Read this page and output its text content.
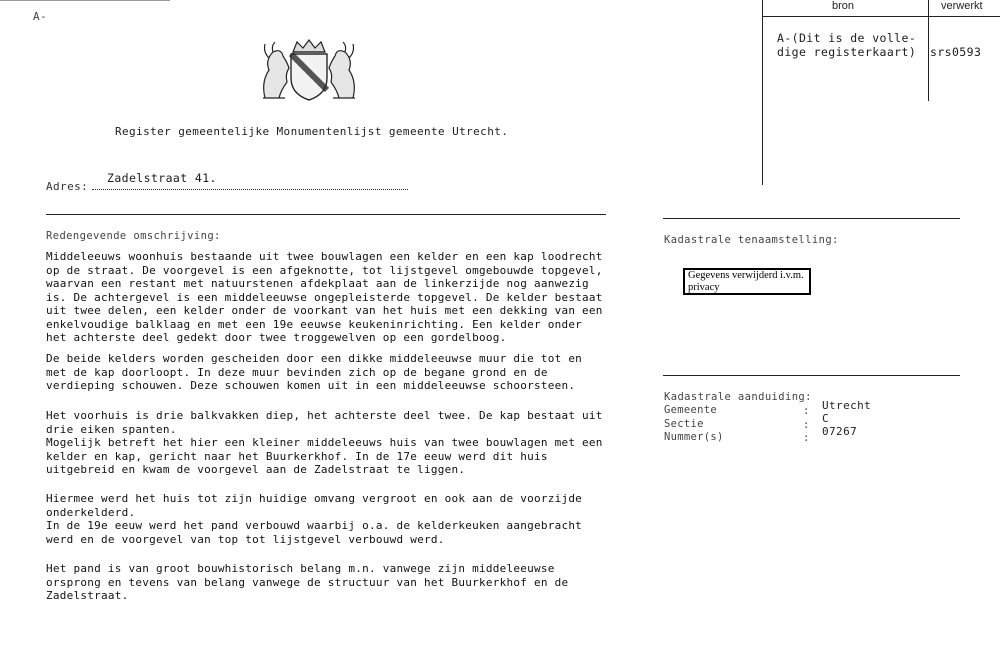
A-
bron	verwerkt
A-(Dit is de volle-
dige registerkaart) srs0593
Register gemeentelijke Monumentenlijst gemeente Utrecht.
Zadelstraat 41.
Adres:
Redengevende omschrijving:
Middeleeuws woonhuis bestaande uit twee bouwlagen een kelder en een kap loodrecht
op de straat. De voorgevel is een afgeknotte, tot lijstgevel omgebouwde topgevel,
waarvan een restant met natuurstenen afdekplaat aan de linkerzijde nog aanwezig
is. De achtergevel is een middeleeuwse ongepleisterde topgevel. De kelder bestaat
uit twee delen, een kelder onder de voorkant van het huis met een dekking van een
enkelvoudige balklaag en met een 19e eeuwse keukeninrichting. Een kelder onder
het achterste deel gedekt door twee troggewelven op een gordelboog.
De beide kelders worden gescheiden door een dikke middeleeuwse muur die tot en
met de kap doorloopt. In deze muur bevinden zich op de begane grond en de
verdieping schouwen. Deze schouwen komen uit in een middeleeuwse schoorsteen.
Het voorhuis is drie balkvakken diep, het achterste deel twee. De kap bestaat uit
drie eiken spanten.
Mogelijk betreft het hier een kleiner middeleeuws huis van twee bouwlagen met een
kelder en kap, gericht naar het Buurkerkhof. In de 17e eeuw werd dit huis
uitgebreid en kwam de voorgevel aan de Zadelstraat te liggen.
Hiermee werd het huis tot zijn huidige omvang vergroot en ook aan de voorzijde
onderkelderd.
In de 19e eeuw werd het pand verbouwd waarbij o.a. de kelderkeuken aangebracht
werd en de voorgevel van top tot lijstgevel verbouwd werd.
Het pand is van groot bouwhistorisch belang m.n. vanwege zijn middeleeuwse
orsprong en tevens van belang vanwege de structuur van het Buurkerkhof en de
Zadelstraat.
Kadastrale tenaamstelling:
Gegevens verwijderd i.v.m. privacy
Kadastrale aanduiding:
Gemeente	: Utrecht
Sectie	: C
Nummer(s)	: 07267
